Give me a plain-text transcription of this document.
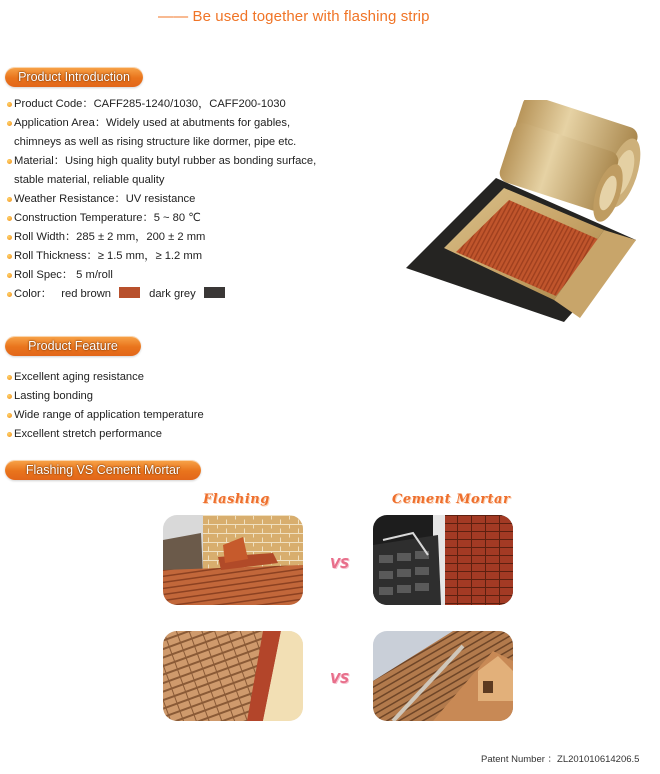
—— Be used together with flashing strip
Product Introduction
Product Code：CAFF285-1240/1030，CAFF200-1030
Application Area：Widely used at abutments for gables,
chimneys as well as rising structure like dormer, pipe etc.
Material：Using high quality butyl rubber as bonding surface,
stable material, reliable quality
Weather Resistance：UV resistance
Construction Temperature：5 ~ 80 ℃
Roll Width：285 ± 2 mm，200 ± 2 mm
Roll Thickness：≥ 1.5 mm，≥ 1.2 mm
Roll Spec： 5 m/roll
Color： red brown	dark grey
Product Feature
Excellent aging resistance
Lasting bonding
Wide range of application temperature
Excellent stretch performance
Flashing VS Cement Mortar
Flashing	Cement Mortar
VS
VS
Patent Number ：ZL201010614206.5
